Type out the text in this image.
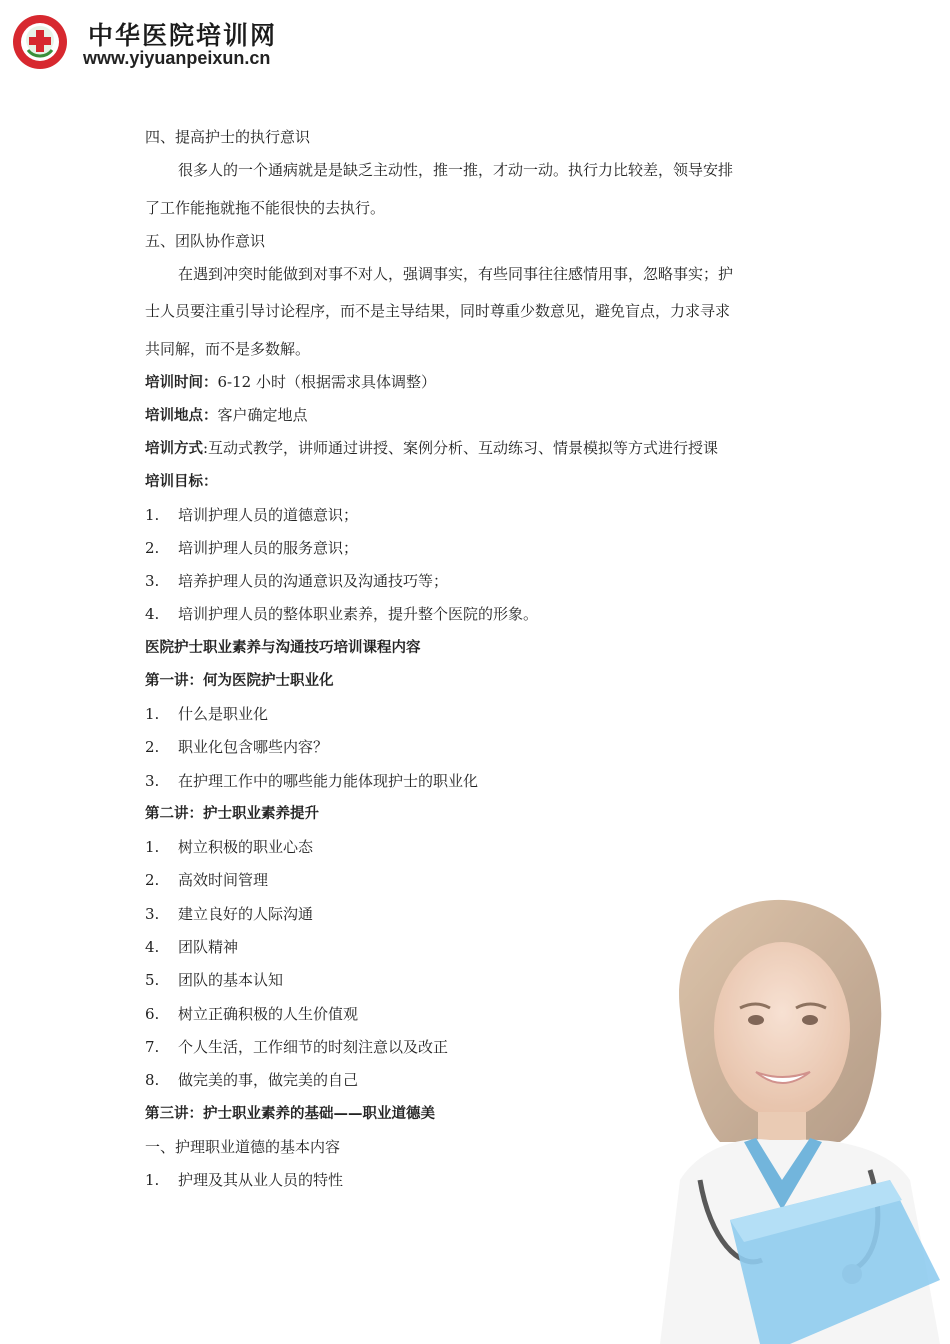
中华医院培训网
www.yiyuanpeixun.cn
四、提高护士的执行意识
很多人的一个通病就是是缺乏主动性，推一推，才动一动。执行力比较差，领导安排
了工作能拖就拖不能很快的去执行。
五、团队协作意识
在遇到冲突时能做到对事不对人，强调事实，有些同事往往感情用事，忽略事实；护
士人员要注重引导讨论程序，而不是主导结果，同时尊重少数意见，避免盲点，力求寻求
共同解，而不是多数解。
培训时间：6-12 小时（根据需求具体调整）
培训地点：客户确定地点
培训方式:互动式教学，讲师通过讲授、案例分析、互动练习、情景模拟等方式进行授课
培训目标：
1. 培训护理人员的道德意识；
2. 培训护理人员的服务意识；
3. 培养护理人员的沟通意识及沟通技巧等；
4. 培训护理人员的整体职业素养，提升整个医院的形象。
医院护士职业素养与沟通技巧培训课程内容
第一讲：何为医院护士职业化
1. 什么是职业化
2. 职业化包含哪些内容？
3. 在护理工作中的哪些能力能体现护士的职业化
第二讲：护士职业素养提升
1. 树立积极的职业心态
2. 高效时间管理
3. 建立良好的人际沟通
4. 团队精神
5. 团队的基本认知
6. 树立正确积极的人生价值观
7. 个人生活，工作细节的时刻注意以及改正
8. 做完美的事，做完美的自己
第三讲：护士职业素养的基础——职业道德美
一、护理职业道德的基本内容
1. 护理及其从业人员的特性
